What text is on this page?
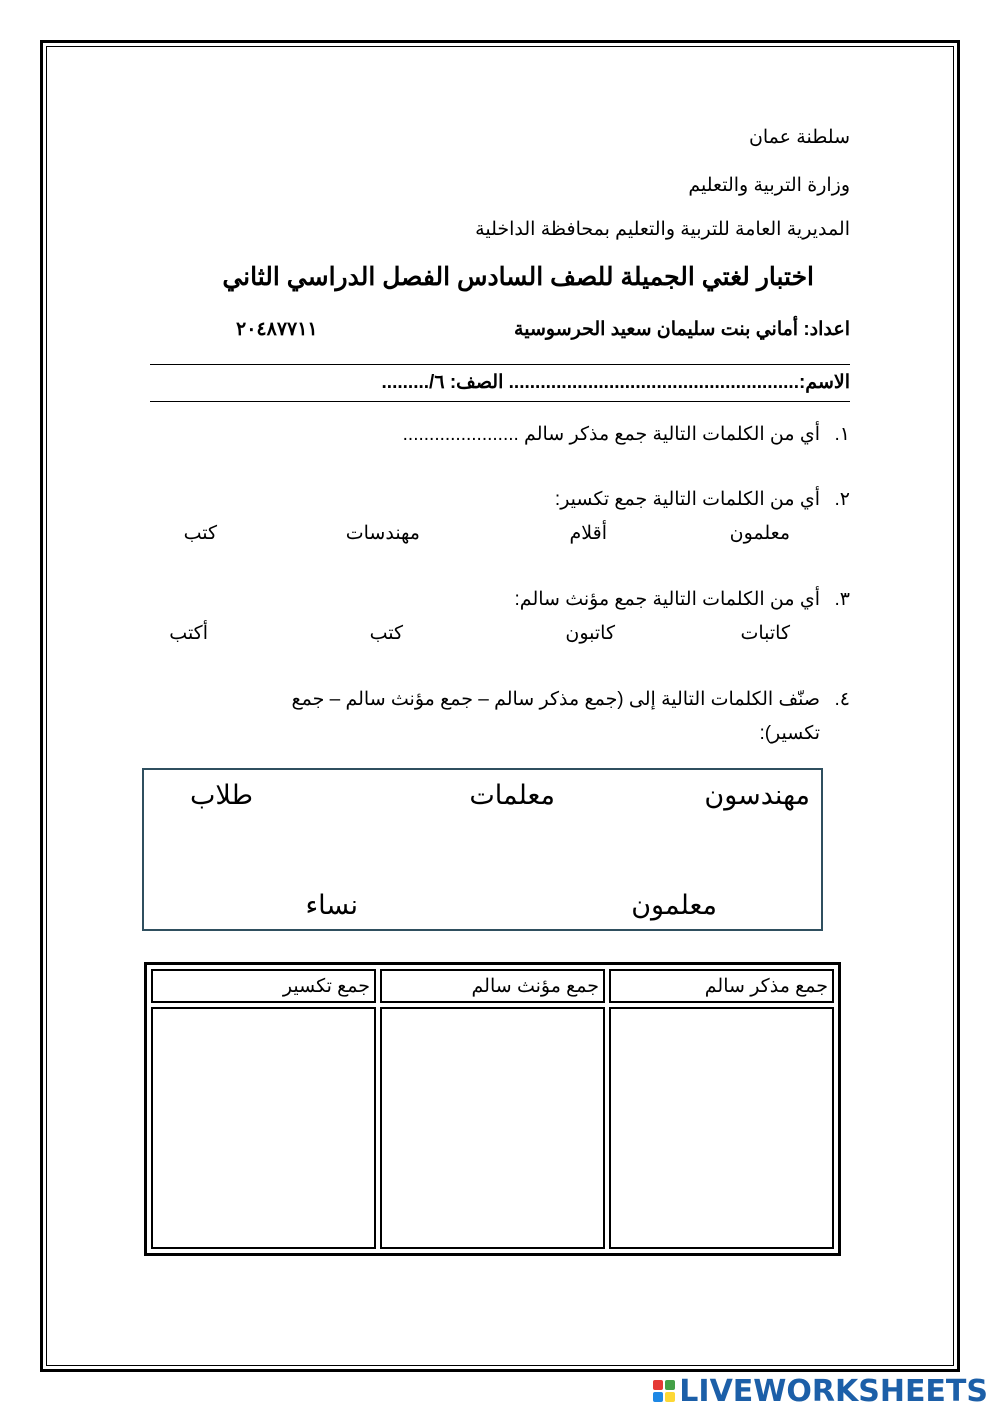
سلطنة عمان
وزارة التربية والتعليم
المديرية العامة للتربية والتعليم بمحافظة الداخلية
اختبار لغتي الجميلة للصف السادس الفصل الدراسي الثاني
اعداد: أماني بنت سليمان سعيد الحرسوسية
٢٠٤٨٧٧١١
الاسم:....................................................... الصف: ٦/.........
١.
أي من الكلمات التالية جمع مذكر سالم ......................
٢.
أي من الكلمات التالية جمع تكسير:
معلمون
أقلام
مهندسات
كتب
٣.
أي من الكلمات التالية جمع مؤنث سالم:
كاتبات
كاتبون
كتب
أكتب
٤.
صنّف الكلمات التالية إلى (جمع مذكر سالم – جمع مؤنث سالم – جمع
تكسير):
مهندسون
معلمات
طلاب
معلمون
نساء
جمع مذكر سالم	جمع مؤنث سالم	جمع تكسير

LIVEWORKSHEETS
